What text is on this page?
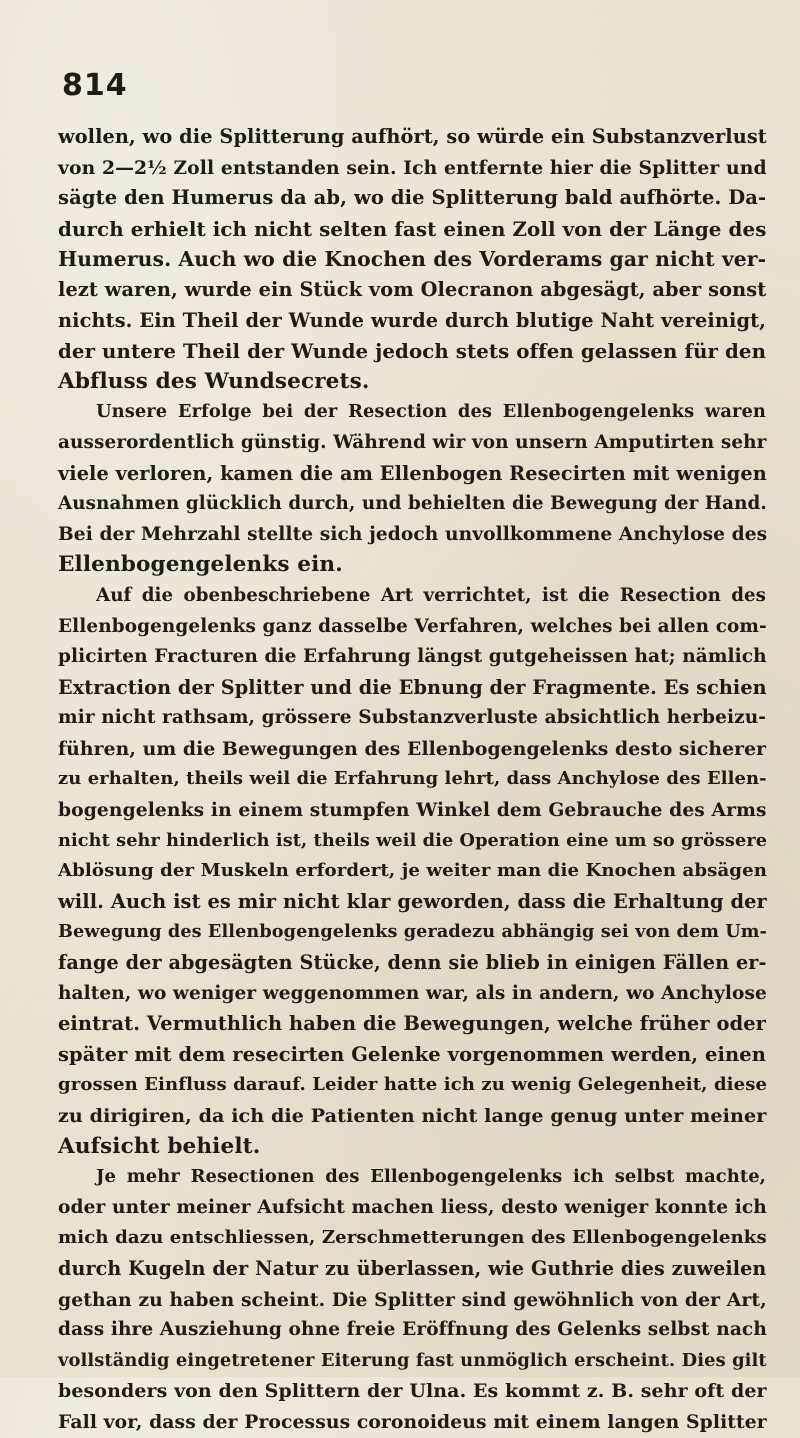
814

wollen, wo die Splitterung aufhört, so würde ein Substanzverlust
von 2—2½ Zoll entstanden sein. Ich entfernte hier die Splitter und
sägte den Humerus da ab, wo die Splitterung bald aufhörte. Da-
durch erhielt ich nicht selten fast einen Zoll von der Länge des
Humerus. Auch wo die Knochen des Vorderams gar nicht ver-
lezt waren, wurde ein Stück vom Olecranon abgesägt, aber sonst
nichts. Ein Theil der Wunde wurde durch blutige Naht vereinigt,
der untere Theil der Wunde jedoch stets offen gelassen für den
Abfluss des Wundsecrets.
Unsere Erfolge bei der Resection des Ellenbogengelenks waren
ausserordentlich günstig. Während wir von unsern Amputirten sehr
viele verloren, kamen die am Ellenbogen Resecirten mit wenigen
Ausnahmen glücklich durch, und behielten die Bewegung der Hand.
Bei der Mehrzahl stellte sich jedoch unvollkommene Anchylose des
Ellenbogengelenks ein.
Auf die obenbeschriebene Art verrichtet, ist die Resection des
Ellenbogengelenks ganz dasselbe Verfahren, welches bei allen com-
plicirten Fracturen die Erfahrung längst gutgeheissen hat; nämlich
Extraction der Splitter und die Ebnung der Fragmente. Es schien
mir nicht rathsam, grössere Substanzverluste absichtlich herbeizu-
führen, um die Bewegungen des Ellenbogengelenks desto sicherer
zu erhalten, theils weil die Erfahrung lehrt, dass Anchylose des Ellen-
bogengelenks in einem stumpfen Winkel dem Gebrauche des Arms
nicht sehr hinderlich ist, theils weil die Operation eine um so grössere
Ablösung der Muskeln erfordert, je weiter man die Knochen absägen
will. Auch ist es mir nicht klar geworden, dass die Erhaltung der
Bewegung des Ellenbogengelenks geradezu abhängig sei von dem Um-
fange der abgesägten Stücke, denn sie blieb in einigen Fällen er-
halten, wo weniger weggenommen war, als in andern, wo Anchylose
eintrat. Vermuthlich haben die Bewegungen, welche früher oder
später mit dem resecirten Gelenke vorgenommen werden, einen
grossen Einfluss darauf. Leider hatte ich zu wenig Gelegenheit, diese
zu dirigiren, da ich die Patienten nicht lange genug unter meiner
Aufsicht behielt.
Je mehr Resectionen des Ellenbogengelenks ich selbst machte,
oder unter meiner Aufsicht machen liess, desto weniger konnte ich
mich dazu entschliessen, Zerschmetterungen des Ellenbogengelenks
durch Kugeln der Natur zu überlassen, wie Guthrie dies zuweilen
gethan zu haben scheint. Die Splitter sind gewöhnlich von der Art,
dass ihre Ausziehung ohne freie Eröffnung des Gelenks selbst nach
vollständig eingetretener Eiterung fast unmöglich erscheint. Dies gilt
besonders von den Splittern der Ulna. Es kommt z. B. sehr oft der
Fall vor, dass der Processus coronoideus mit einem langen Splitter
